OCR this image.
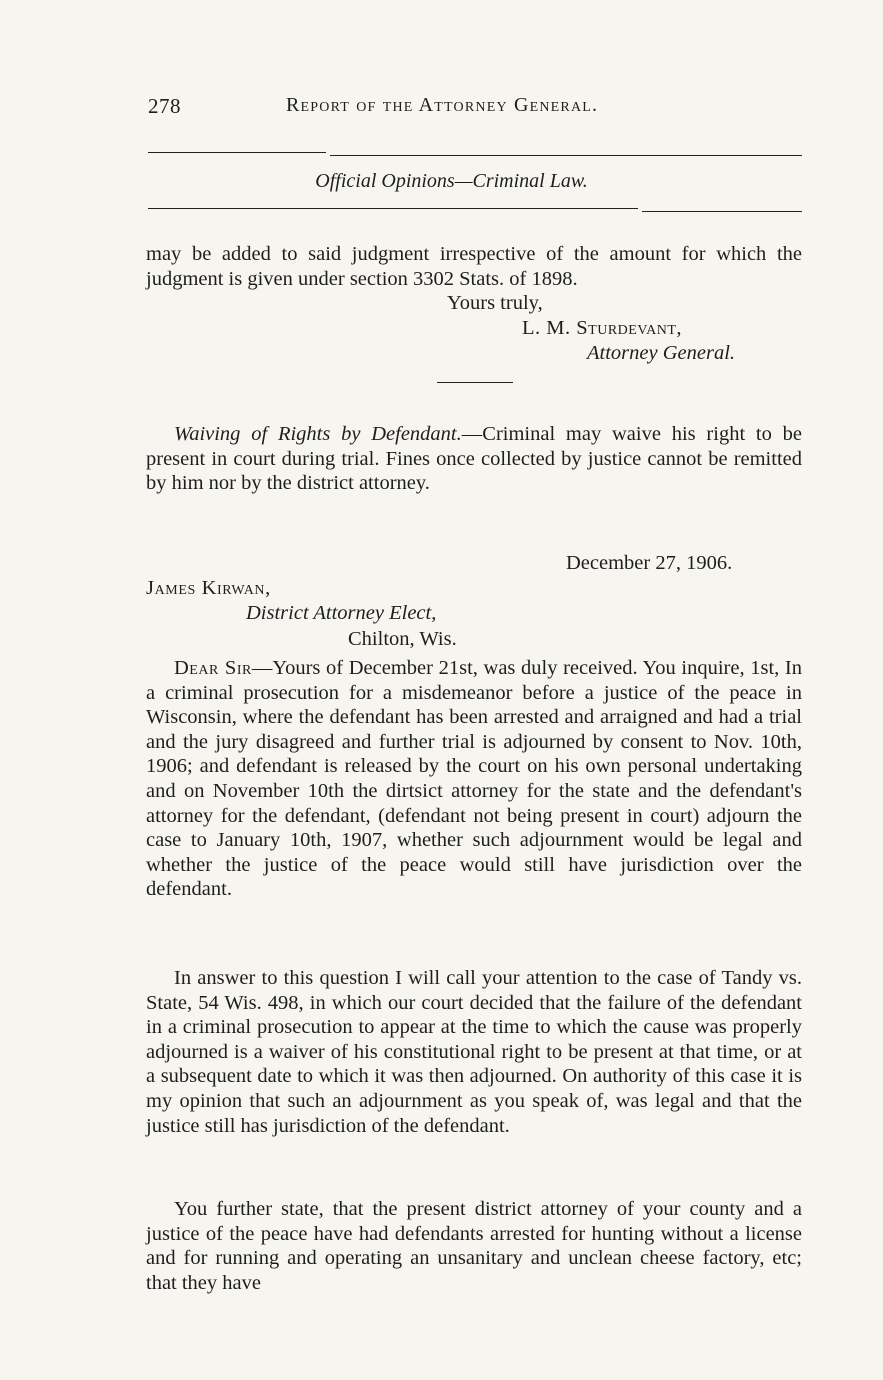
278	Report of the Attorney General.
Official Opinions—Criminal Law.
may be added to said judgment irrespective of the amount for which the judgment is given under section 3302 Stats. of 1898.
Yours truly,
L. M. Sturdevant,
Attorney General.
Waiving of Rights by Defendant.—Criminal may waive his right to be present in court during trial. Fines once collected by justice cannot be remitted by him nor by the district attorney.
December 27, 1906.
James Kirwan,
District Attorney Elect,
Chilton, Wis.
Dear Sir—Yours of December 21st, was duly received. You inquire, 1st, In a criminal prosecution for a misdemeanor before a justice of the peace in Wisconsin, where the defendant has been arrested and arraigned and had a trial and the jury disagreed and further trial is adjourned by consent to Nov. 10th, 1906; and defendant is released by the court on his own personal undertaking and on November 10th the dirtsict attorney for the state and the defendant's attorney for the defendant, (defendant not being present in court) adjourn the case to January 10th, 1907, whether such adjournment would be legal and whether the justice of the peace would still have jurisdiction over the defendant.
In answer to this question I will call your attention to the case of Tandy vs. State, 54 Wis. 498, in which our court decided that the failure of the defendant in a criminal prosecution to appear at the time to which the cause was properly adjourned is a waiver of his constitutional right to be present at that time, or at a subsequent date to which it was then adjourned. On authority of this case it is my opinion that such an adjournment as you speak of, was legal and that the justice still has jurisdiction of the defendant.
You further state, that the present district attorney of your county and a justice of the peace have had defendants arrested for hunting without a license and for running and operating an unsanitary and unclean cheese factory, etc; that they have
